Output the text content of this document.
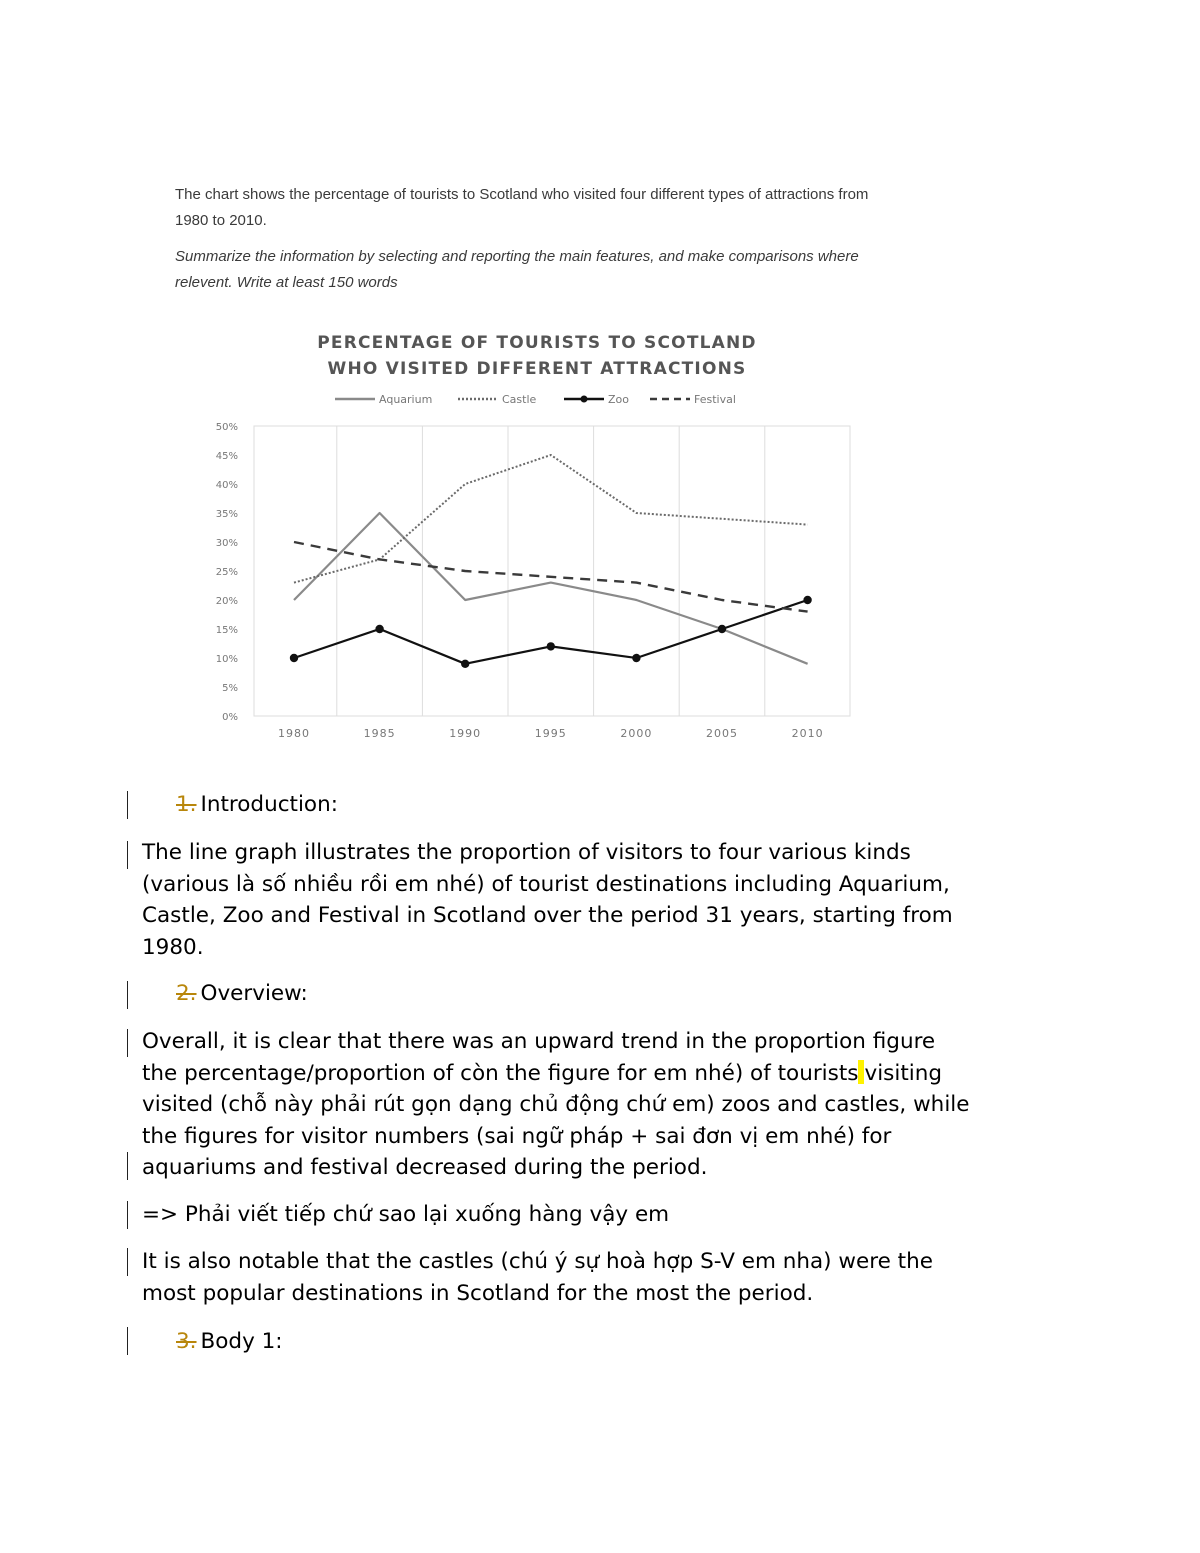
The chart shows the percentage of tourists to Scotland who visited four different types of attractions from

1980 to 2010.

Summarize the information by selecting and reporting the main features, and make comparisons where

relevent. Write at least 150 words

PERCENTAGE OF TOURISTS TO SCOTLAND
WHO VISITED DIFFERENT ATTRACTIONS
Aquarium	Castle	Zoo	Festival
1980	1985	1990	1995	2000	2005	2010
0%
5%
10%
15%
20%
25%
30%
35%
40%
45%
50%

1. Introduction:

The line graph illustrates the proportion of visitors to four various kinds
(various là số nhiều rồi em nhé) of tourist destinations including Aquarium,
Castle, Zoo and Festival in Scotland over the period 31 years, starting from
1980.

2. Overview:

Overall, it is clear that there was an upward trend in the proportion figure
the percentage/proportion of còn the figure for em nhé) of tourists visiting
visited (chỗ này phải rút gọn dạng chủ động chứ em) zoos and castles, while
the figures for visitor numbers (sai ngữ pháp + sai đơn vị em nhé) for
aquariums and festival decreased during the period.

=> Phải viết tiếp chứ sao lại xuống hàng vậy em

It is also notable that the castles (chú ý sự hoà hợp S-V em nha) were the
most popular destinations in Scotland for the most the period.

3. Body 1:
